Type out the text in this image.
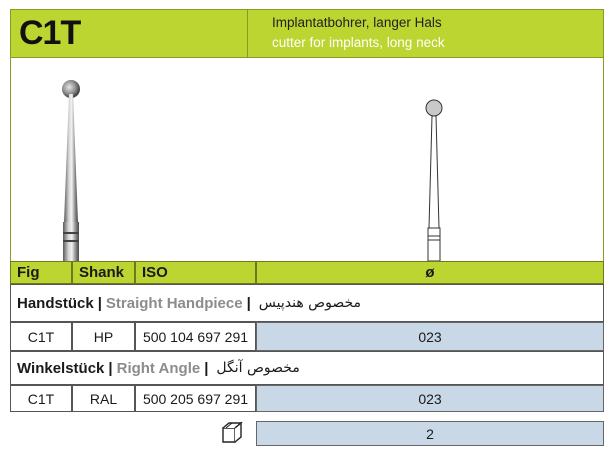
C1T	Implantatbohrer, langer Hals
cutter for implants, long neck
Fig	Shank	ISO	ø
Handstück | Straight Handpiece | مخصوص هندپیس
C1T	HP	500 104 697 291	023
Winkelstück | Right Angle | مخصوص آنگل
C1T	RAL	500 205 697 291	023
2
